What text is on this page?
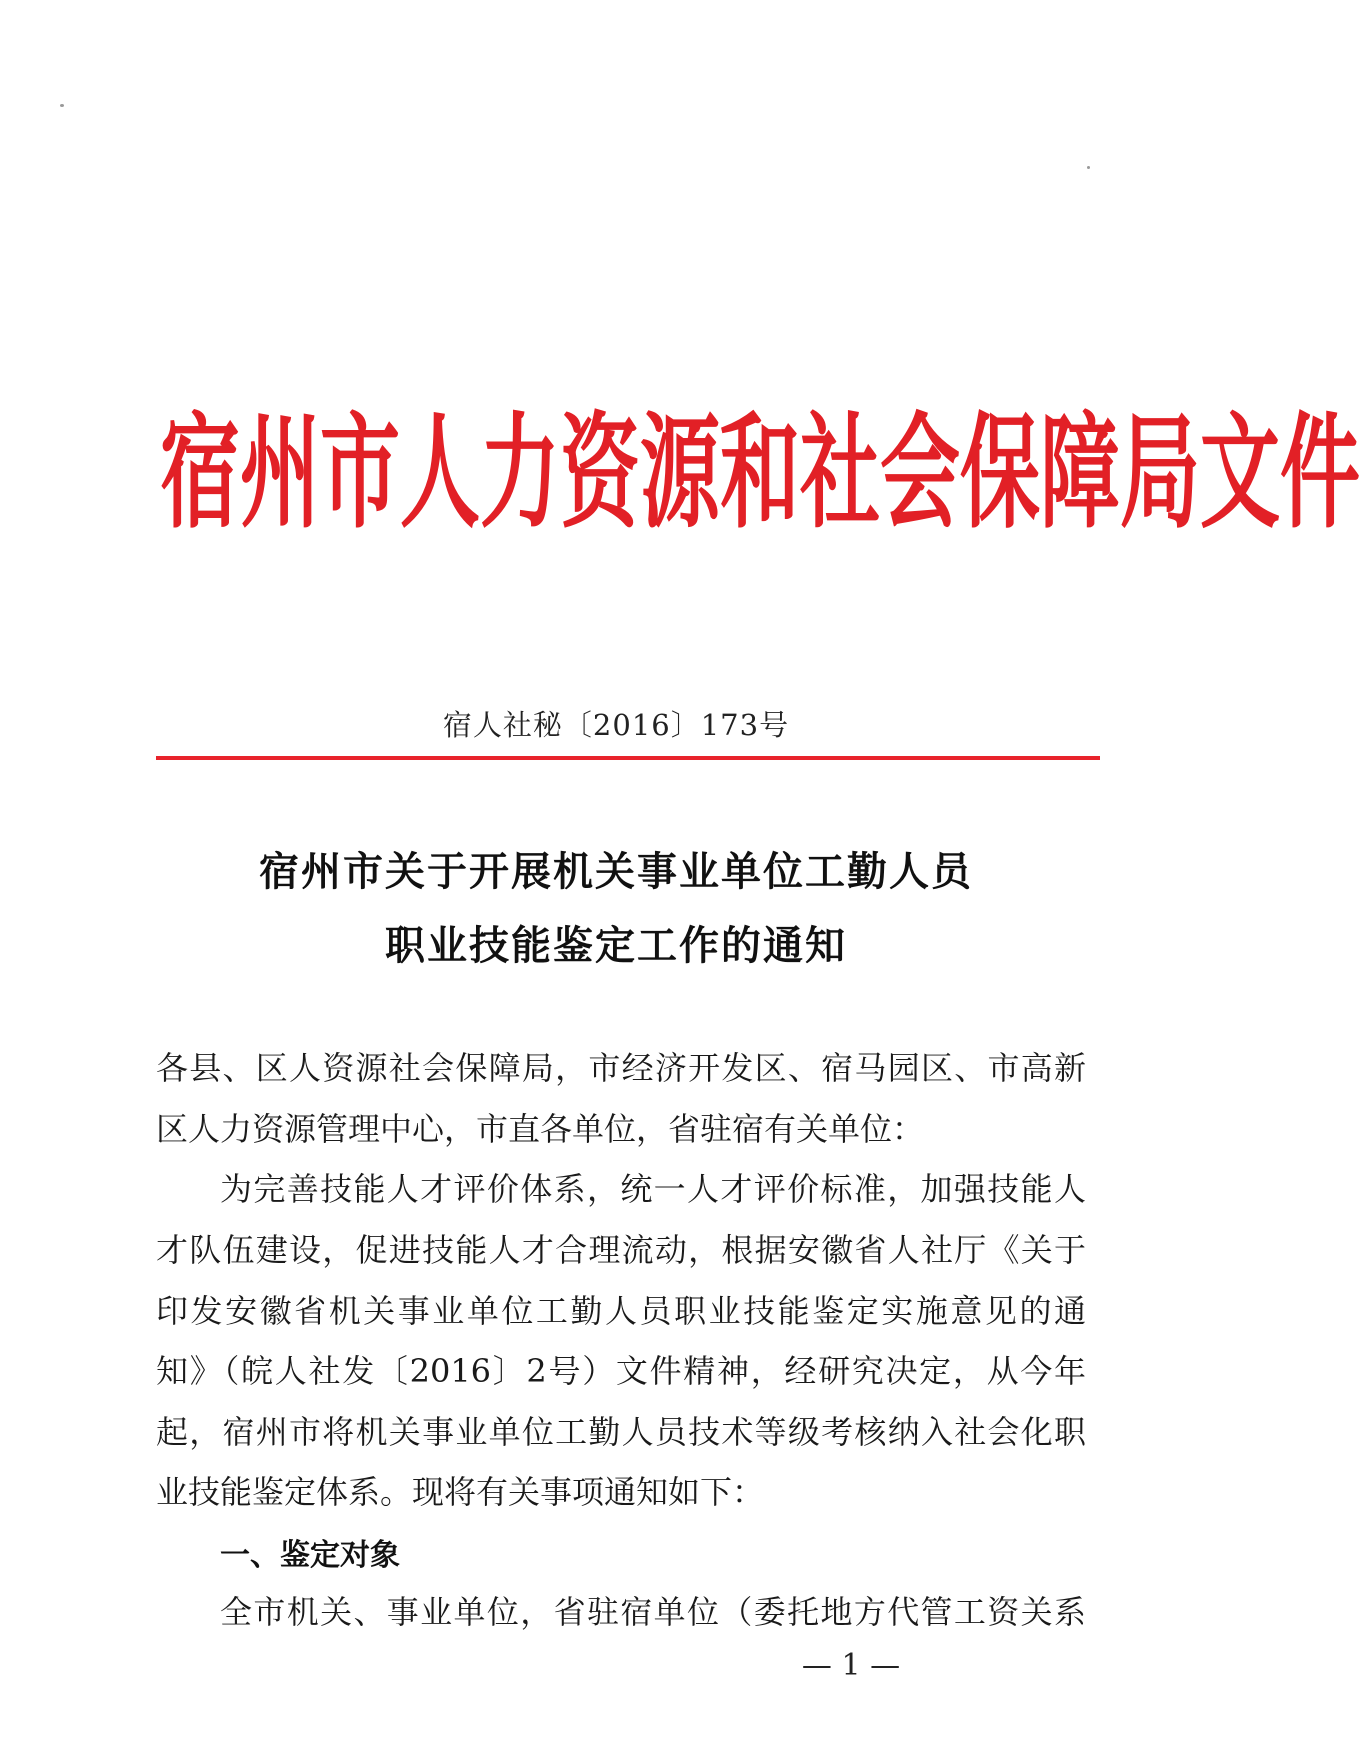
宿 州 市 人 力 资 源 和 社 会 保 障 局 文 件
宿人社秘〔2016〕173号
宿州市关于开展机关事业单位工勤人员
职业技能鉴定工作的通知
各县、区人资源社会保障局，市经济开发区、宿马园区、市高新
区人力资源管理中心，市直各单位，省驻宿有关单位：
为完善技能人才评价体系，统一人才评价标准，加强技能人
才队伍建设，促进技能人才合理流动，根据安徽省人社厅《关于
印发安徽省机关事业单位工勤人员职业技能鉴定实施意见的通
知》（皖人社发〔2016〕2号）文件精神，经研究决定，从今年
起，宿州市将机关事业单位工勤人员技术等级考核纳入社会化职
业技能鉴定体系。现将有关事项通知如下：
一、鉴定对象
全市机关、事业单位，省驻宿单位（委托地方代管工资关系
— 1 —
